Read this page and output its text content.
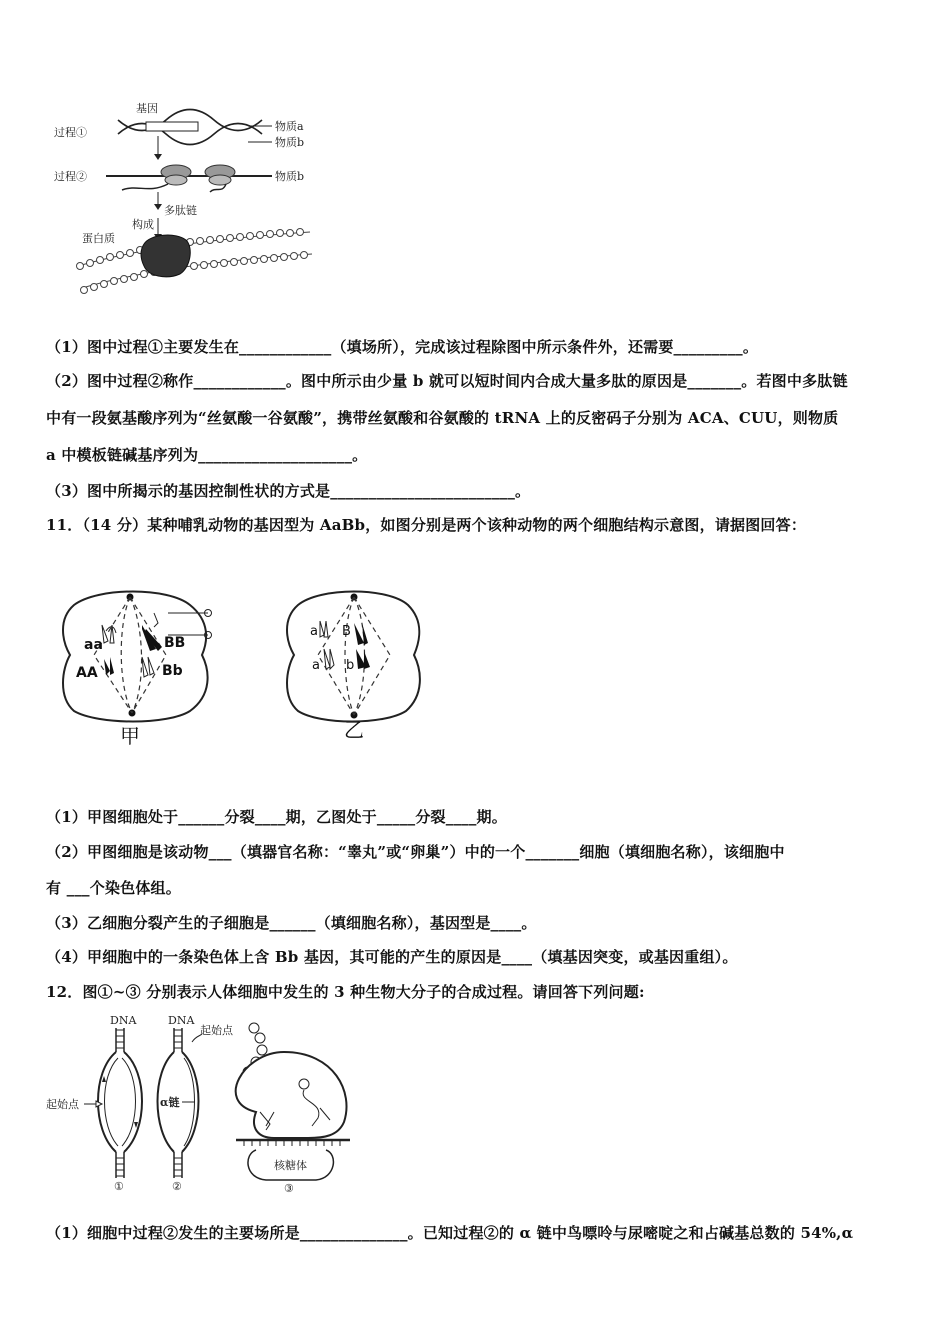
基因
过程①	物质a
物质b
过程②	物质b
多肽链
构成
蛋白质
（1）图中过程①主要发生在____________（填场所），完成该过程除图中所示条件外，还需要_________。
（2）图中过程②称作____________。图中所示由少量 b 就可以短时间内合成大量多肽的原因是_______。若图中多肽链
中有一段氨基酸序列为“丝氨酸一谷氨酸”，携带丝氨酸和谷氨酸的 tRNA 上的反密码子分别为 ACA、CUU，则物质
a 中模板链碱基序列为____________________。
（3）图中所揭示的基因控制性状的方式是________________________。
11．（14 分）某种哺乳动物的基因型为 AaBb，如图分别是两个该种动物的两个细胞结构示意图，请据图回答：
aa	BB
AA	Bb
甲
a B
a b
乙
（1）甲图细胞处于______分裂____期，乙图处于_____分裂____期。
（2）甲图细胞是该动物___（填器官名称：“睾丸”或“卵巢”）中的一个_______细胞（填细胞名称），该细胞中
有 ___个染色体组。
（3）乙细胞分裂产生的子细胞是______（填细胞名称），基因型是____。
（4）甲细胞中的一条染色体上含 Bb 基因，其可能的产生的原因是____（填基因突变，或基因重组）。
12．图①~③ 分别表示人体细胞中发生的 3 种生物大分子的合成过程。请回答下列问题:
DNA
起始点
①
DNA
起始点
α链
②
核糖体
③
（1）细胞中过程②发生的主要场所是______________。已知过程②的 α 链中鸟嘌呤与尿嘧啶之和占碱基总数的 54%,α
